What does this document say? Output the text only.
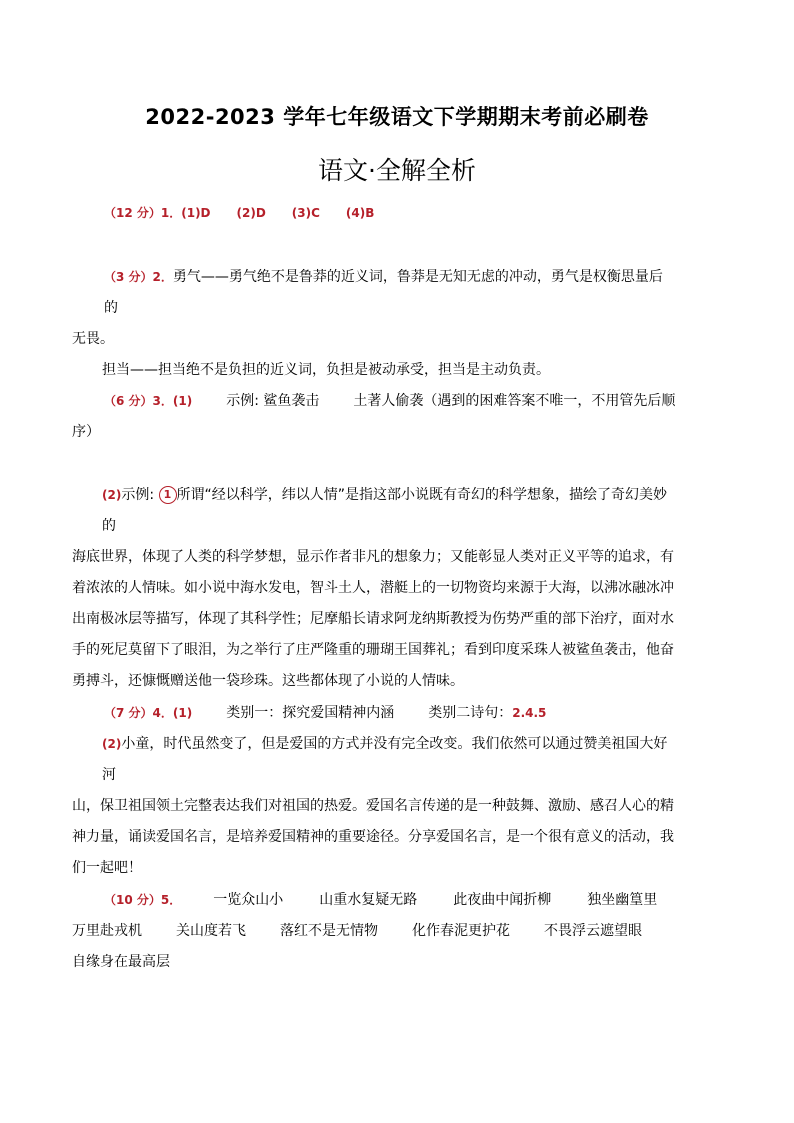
2022-2023 学年七年级语文下学期期末考前必刷卷
语文·全解全析
（12 分）1．(1)D (2)D (3)C (4)B
（3 分）2．勇气——勇气绝不是鲁莽的近义词，鲁莽是无知无虑的冲动，勇气是权衡思量后的
无畏。
担当——担当绝不是负担的近义词，负担是被动承受，担当是主动负责。
（6 分）3．(1) 示例: 鲨鱼袭击 土著人偷袭（遇到的困难答案不唯一，不用管先后顺
序）
(2)示例: 1 所谓“经以科学，纬以人情”是指这部小说既有奇幻的科学想象，描绘了奇幻美妙的
海底世界，体现了人类的科学梦想，显示作者非凡的想象力；又能彰显人类对正义平等的追求，有
着浓浓的人情味。如小说中海水发电，智斗土人，潜艇上的一切物资均来源于大海，以沸冰融冰冲
出南极冰层等描写，体现了其科学性；尼摩船长请求阿龙纳斯教授为伤势严重的部下治疗，面对水
手的死尼莫留下了眼泪，为之举行了庄严隆重的珊瑚王国葬礼；看到印度采珠人被鲨鱼袭击，他奋
勇搏斗，还慷慨赠送他一袋珍珠。这些都体现了小说的人情味。
（7 分）4．(1) 类别一：探究爱国精神内涵 类别二诗句：2.4.5
(2)小童，时代虽然变了，但是爱国的方式并没有完全改变。我们依然可以通过赞美祖国大好河
山，保卫祖国领土完整表达我们对祖国的热爱。爱国名言传递的是一种鼓舞、激励、感召人心的精
神力量，诵读爱国名言，是培养爱国精神的重要途径。分享爱国名言，是一个很有意义的活动，我
们一起吧！
（10 分）5． 一览众山小	山重水复疑无路	此夜曲中闻折柳	独坐幽篁里
万里赴戎机 关山度若飞 落红不是无情物 化作春泥更护花 不畏浮云遮望眼
自缘身在最高层
